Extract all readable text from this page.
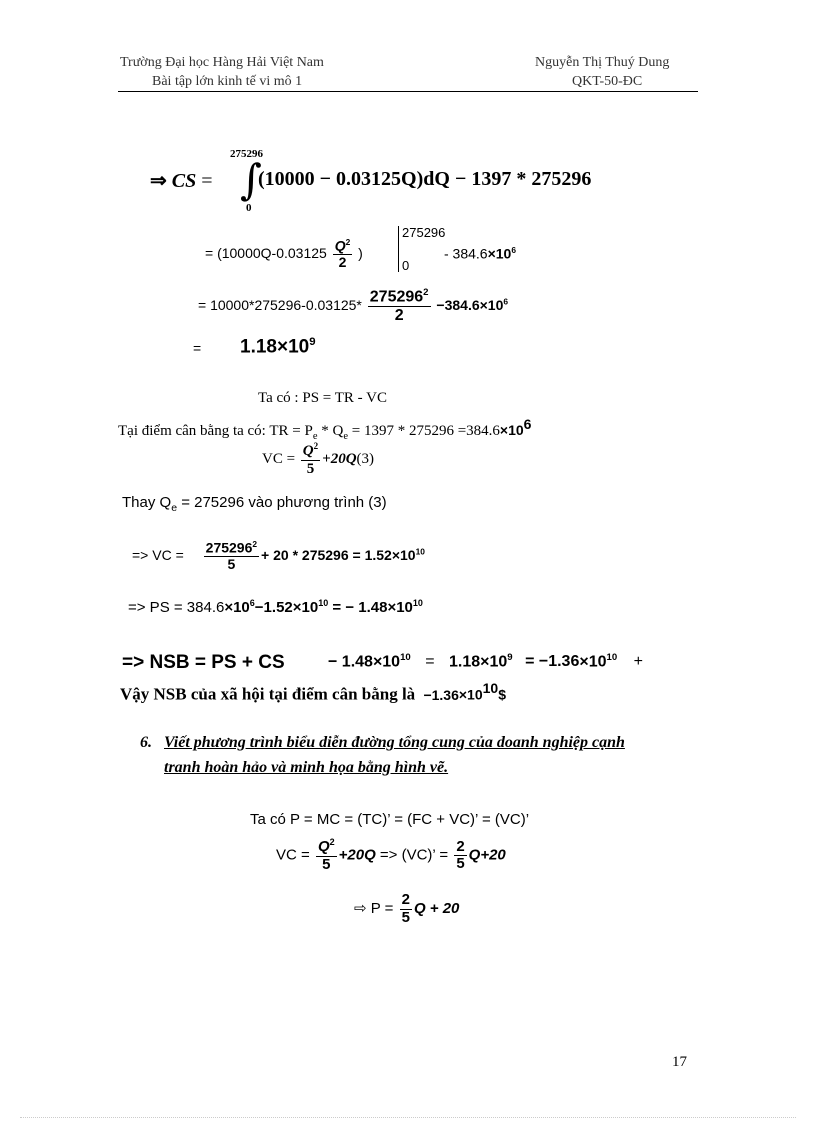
Trường Đại học Hàng Hải Việt Nam
Bài tập lớn kinh tế vi mô 1
Nguyễn Thị Thuý Dung
QKT-50-ĐC
275296
0
⇒ CS = ∫
(10000 − 0.03125Q)dQ − 1397 * 275296
= ($10000Q-0.03125 \frac{Q^2}{2}$ )
275296
0
- $384.6\times 10^6$
= $10000*275296-0.03125* \frac{275296^2}{2} -384.6\times 10^6$
= $1.18\times 10^9$
Ta có : PS = TR - VC
Tại điểm cân bằng ta có: TR = $P_e * Q_e = 1397 * 275296 =384.6\times 10^6$
VC = $\frac{Q^2}{5} +20Q(3)$
Thay $Q_e = 275296$ vào phương trình (3)
=> VC = $\frac{275296^2}{5} + 20 * 275296 = 1.52\times 10^{10}$
=> PS = $384.6\times 10^6-1.52\times 10^{10}$ = − $1.48\times 10^{10}$
=> NSB = PS + CS	− $1.48\times 10^{10} = 1.18\times 10^9 = -1.36\times 10^{10}$ +
Vậy NSB của xã hội tại điểm cân bằng là $-1.36\times 10^{10}\$$
6. Viết phương trình biểu diễn đường tổng cung của doanh nghiệp cạnh
tranh hoàn hảo và minh họa bằng hình vẽ.
Ta có P = MC = (TC)’ = (FC + VC)’ = (VC)’
VC = $\frac{Q^2}{5} +20Q => (VC)$’ = $\frac{2}{5} Q+20$
⇨ $P = \frac{2}{5}$ Q + 20
17
